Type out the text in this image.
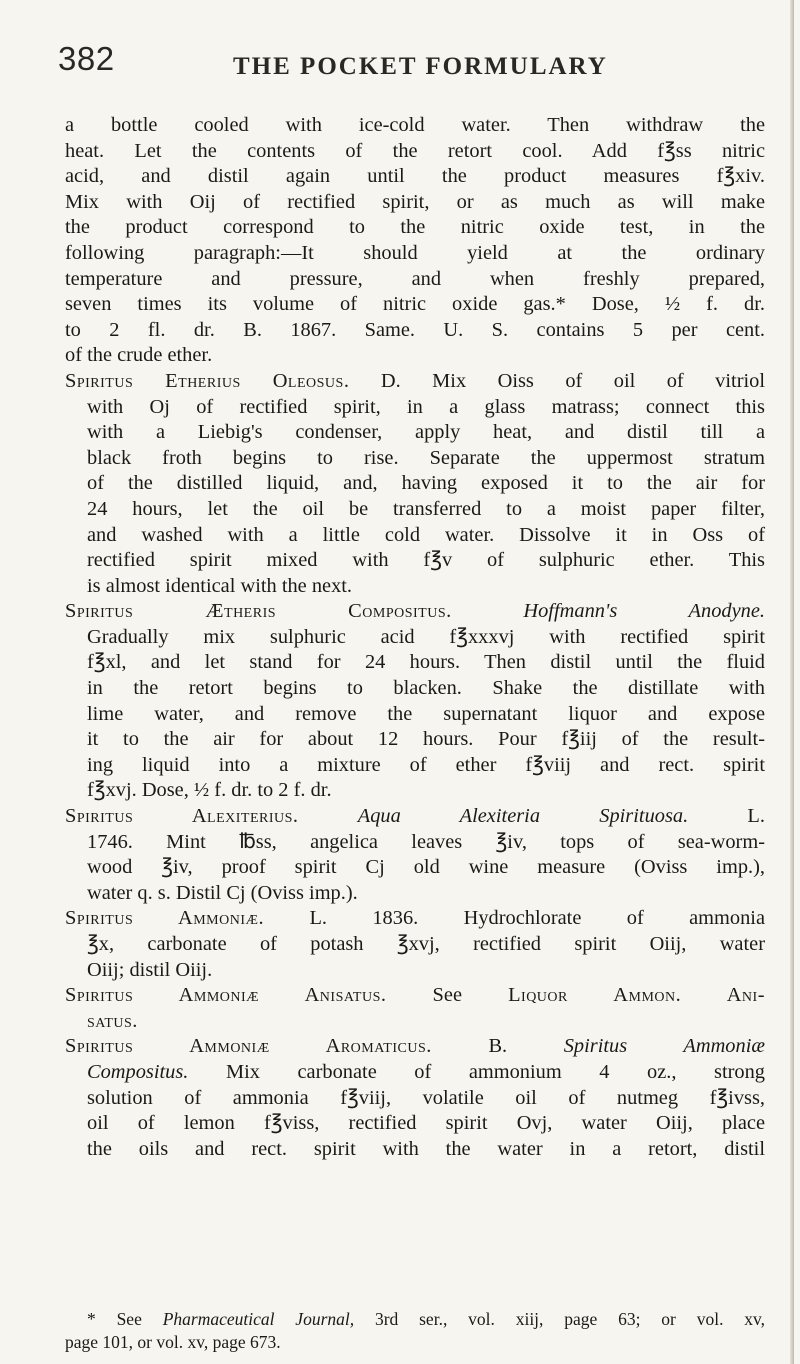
382	THE POCKET FORMULARY
a bottle cooled with ice-cold water. Then withdraw the
heat. Let the contents of the retort cool. Add f℥ss nitric
acid, and distil again until the product measures f℥xiv.
Mix with Oij of rectified spirit, or as much as will make
the product correspond to the nitric oxide test, in the
following paragraph:—It should yield at the ordinary
temperature and pressure, and when freshly prepared,
seven times its volume of nitric oxide gas.* Dose, ½ f. dr.
to 2 fl. dr. B. 1867. Same. U. S. contains 5 per cent.
of the crude ether.
Spiritus Etherius Oleosus. D. Mix Oiss of oil of vitriol
with Oj of rectified spirit, in a glass matrass; connect this
with a Liebig's condenser, apply heat, and distil till a
black froth begins to rise. Separate the uppermost stratum
of the distilled liquid, and, having exposed it to the air for
24 hours, let the oil be transferred to a moist paper filter,
and washed with a little cold water. Dissolve it in Oss of
rectified spirit mixed with f℥v of sulphuric ether. This
is almost identical with the next.
Spiritus Ætheris Compositus.	Hoffmann's Anodyne.
Gradually mix sulphuric acid f℥xxxvj with rectified spirit
f℥xl, and let stand for 24 hours. Then distil until the fluid
in the retort begins to blacken. Shake the distillate with
lime water, and remove the supernatant liquor and expose
it to the air for about 12 hours. Pour f℥iij of the result-
ing liquid into a mixture of ether f℥viij and rect. spirit
f℥xvj. Dose, ½ f. dr. to 2 f. dr.
Spiritus Alexiterius.	Aqua Alexiteria Spirituosa.	L.
1746. Mint ℔ss, angelica leaves ℥iv, tops of sea-worm-
wood ℥iv, proof spirit Cj old wine measure (Oviss imp.),
water q. s. Distil Cj (Oviss imp.).
Spiritus Ammoniæ. L. 1836. Hydrochlorate of ammonia
℥x, carbonate of potash ℥xvj, rectified spirit Oiij, water
Oiij; distil Oiij.
Spiritus Ammoniæ Anisatus. See Liquor Ammon. Ani-
satus.
Spiritus Ammoniæ Aromaticus.	B.	Spiritus Ammoniæ
Compositus. Mix carbonate of ammonium 4 oz., strong
solution of ammonia f℥viij, volatile oil of nutmeg f℥ivss,
oil of lemon f℥viss, rectified spirit Ovj, water Oiij, place
the oils and rect. spirit with the water in a retort, distil
* See Pharmaceutical Journal, 3rd ser., vol. xiij, page 63; or vol. xv,
page 101, or vol. xv, page 673.
